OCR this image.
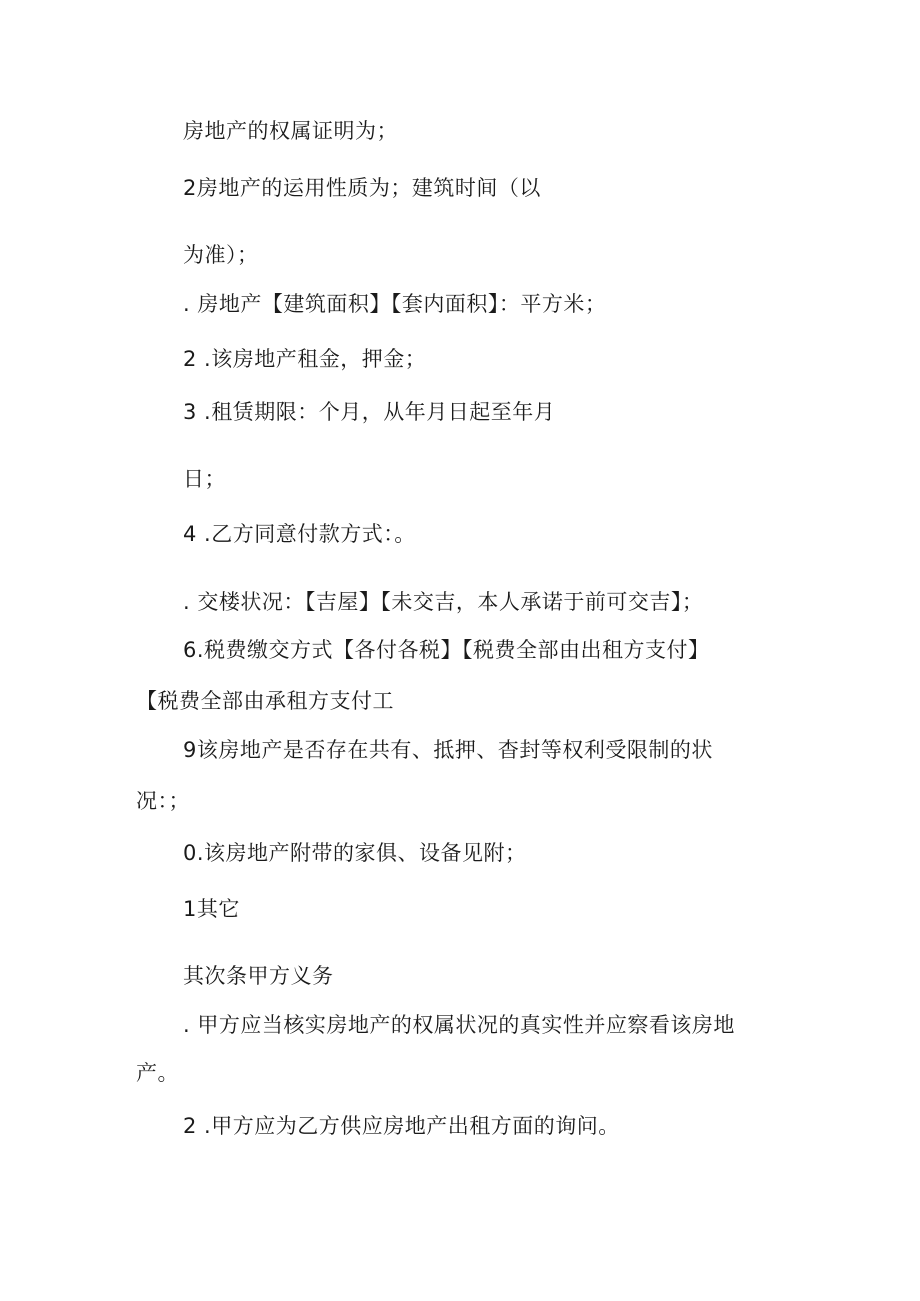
房地产的权属证明为；
2房地产的运用性质为；建筑时间（以
为准）；
. 房地产【建筑面积】【套内面积】：平方米；
2 .该房地产租金，押金；
3 .租赁期限：个月，从年月日起至年月
日；
4 .乙方同意付款方式：。
. 交楼状况：【吉屋】【未交吉，本人承诺于前可交吉】；
6.税费缴交方式【各付各税】【税费全部由出租方支付】
【税费全部由承租方支付工
9该房地产是否存在共有、抵押、杳封等权利受限制的状
况：；
0.该房地产附带的家俱、设备见附；
1其它
其次条甲方义务
. 甲方应当核实房地产的权属状况的真实性并应察看该房地
产。
2 .甲方应为乙方供应房地产出租方面的询问。
